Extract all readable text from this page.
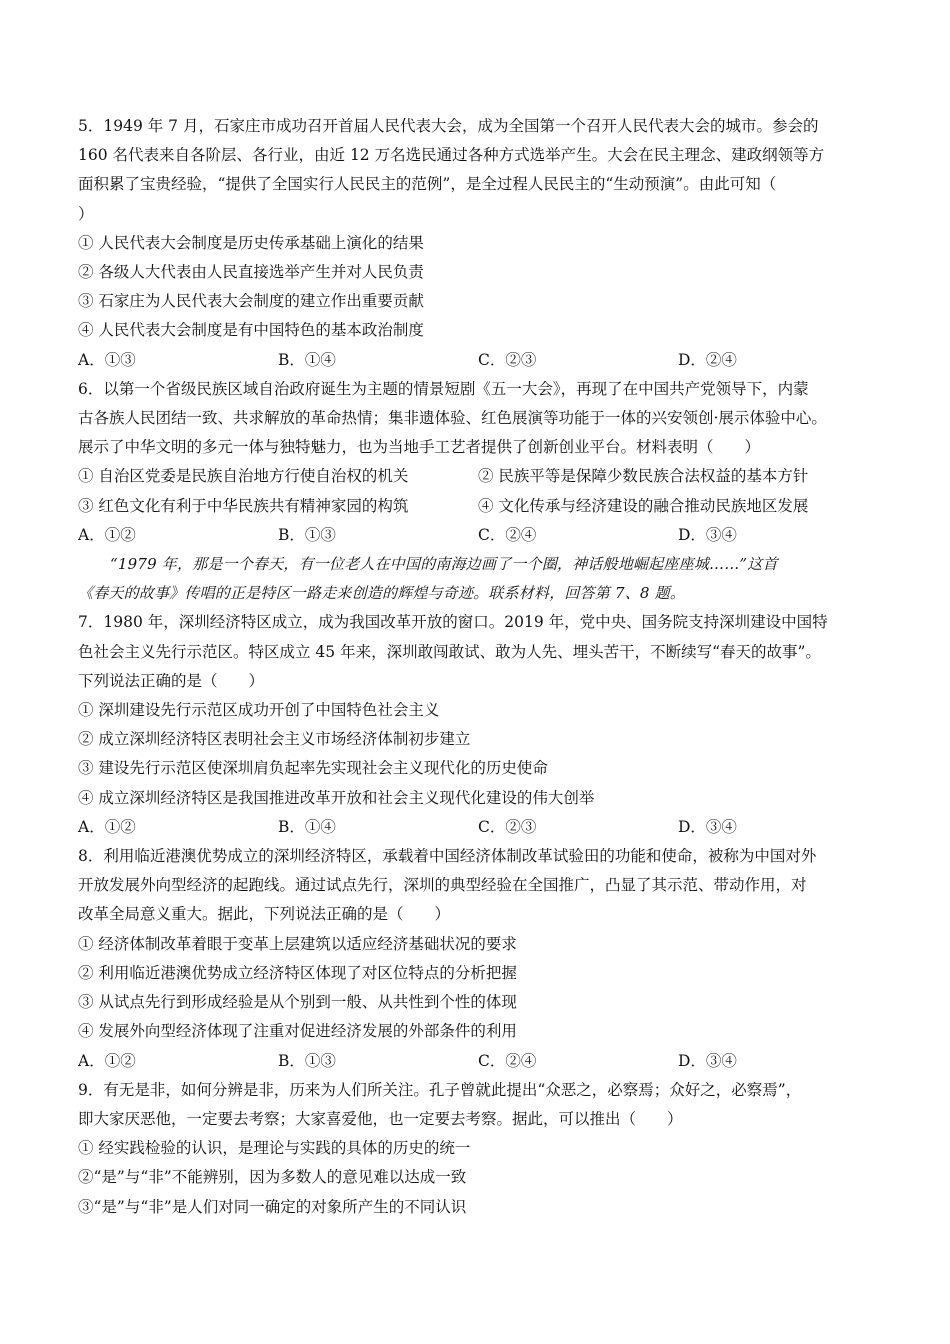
5．1949 年 7 月，石家庄市成功召开首届人民代表大会，成为全国第一个召开人民代表大会的城市。参会的
160 名代表来自各阶层、各行业，由近 12 万名选民通过各种方式选举产生。大会在民主理念、建政纲领等方
面积累了宝贵经验，“提供了全国实行人民民主的范例”，是全过程人民民主的“生动预演”。由此可知（
）
① 人民代表大会制度是历史传承基础上演化的结果
② 各级人大代表由人民直接选举产生并对人民负责
③ 石家庄为人民代表大会制度的建立作出重要贡献
④ 人民代表大会制度是有中国特色的基本政治制度
A．①③	B．①④	C．②③	D．②④
6．以第一个省级民族区域自治政府诞生为主题的情景短剧《五一大会》，再现了在中国共产党领导下，内蒙
古各族人民团结一致、共求解放的革命热情；集非遗体验、红色展演等功能于一体的兴安领创·展示体验中心。
展示了中华文明的多元一体与独特魅力，也为当地手工艺者提供了创新创业平台。材料表明（　　）
① 自治区党委是民族自治地方行使自治权的机关	② 民族平等是保障少数民族合法权益的基本方针
③ 红色文化有利于中华民族共有精神家园的构筑	④ 文化传承与经济建设的融合推动民族地区发展
A．①②	B．①③	C．②④	D．③④
“1979 年，那是一个春天，有一位老人在中国的南海边画了一个圈，神话般地崛起座座城……”这首
《春天的故事》传唱的正是特区一路走来创造的辉煌与奇迹。联系材料，回答第 7、8 题。
7．1980 年，深圳经济特区成立，成为我国改革开放的窗口。2019 年，党中央、国务院支持深圳建设中国特
色社会主义先行示范区。特区成立 45 年来，深圳敢闯敢试、敢为人先、埋头苦干，不断续写“春天的故事”。
下列说法正确的是（　　）
① 深圳建设先行示范区成功开创了中国特色社会主义
② 成立深圳经济特区表明社会主义市场经济体制初步建立
③ 建设先行示范区使深圳肩负起率先实现社会主义现代化的历史使命
④ 成立深圳经济特区是我国推进改革开放和社会主义现代化建设的伟大创举
A．①②	B．①④	C．②③	D．③④
8．利用临近港澳优势成立的深圳经济特区，承载着中国经济体制改革试验田的功能和使命，被称为中国对外
开放发展外向型经济的起跑线。通过试点先行，深圳的典型经验在全国推广，凸显了其示范、带动作用，对
改革全局意义重大。据此，下列说法正确的是（　　）
① 经济体制改革着眼于变革上层建筑以适应经济基础状况的要求
② 利用临近港澳优势成立经济特区体现了对区位特点的分析把握
③ 从试点先行到形成经验是从个别到一般、从共性到个性的体现
④ 发展外向型经济体现了注重对促进经济发展的外部条件的利用
A．①②	B．①③	C．②④	D．③④
9．有无是非，如何分辨是非，历来为人们所关注。孔子曾就此提出“众恶之，必察焉；众好之，必察焉”，
即大家厌恶他，一定要去考察；大家喜爱他，也一定要去考察。据此，可以推出（　　）
① 经实践检验的认识，是理论与实践的具体的历史的统一
②“是”与“非”不能辨别，因为多数人的意见难以达成一致
③“是”与“非”是人们对同一确定的对象所产生的不同认识
